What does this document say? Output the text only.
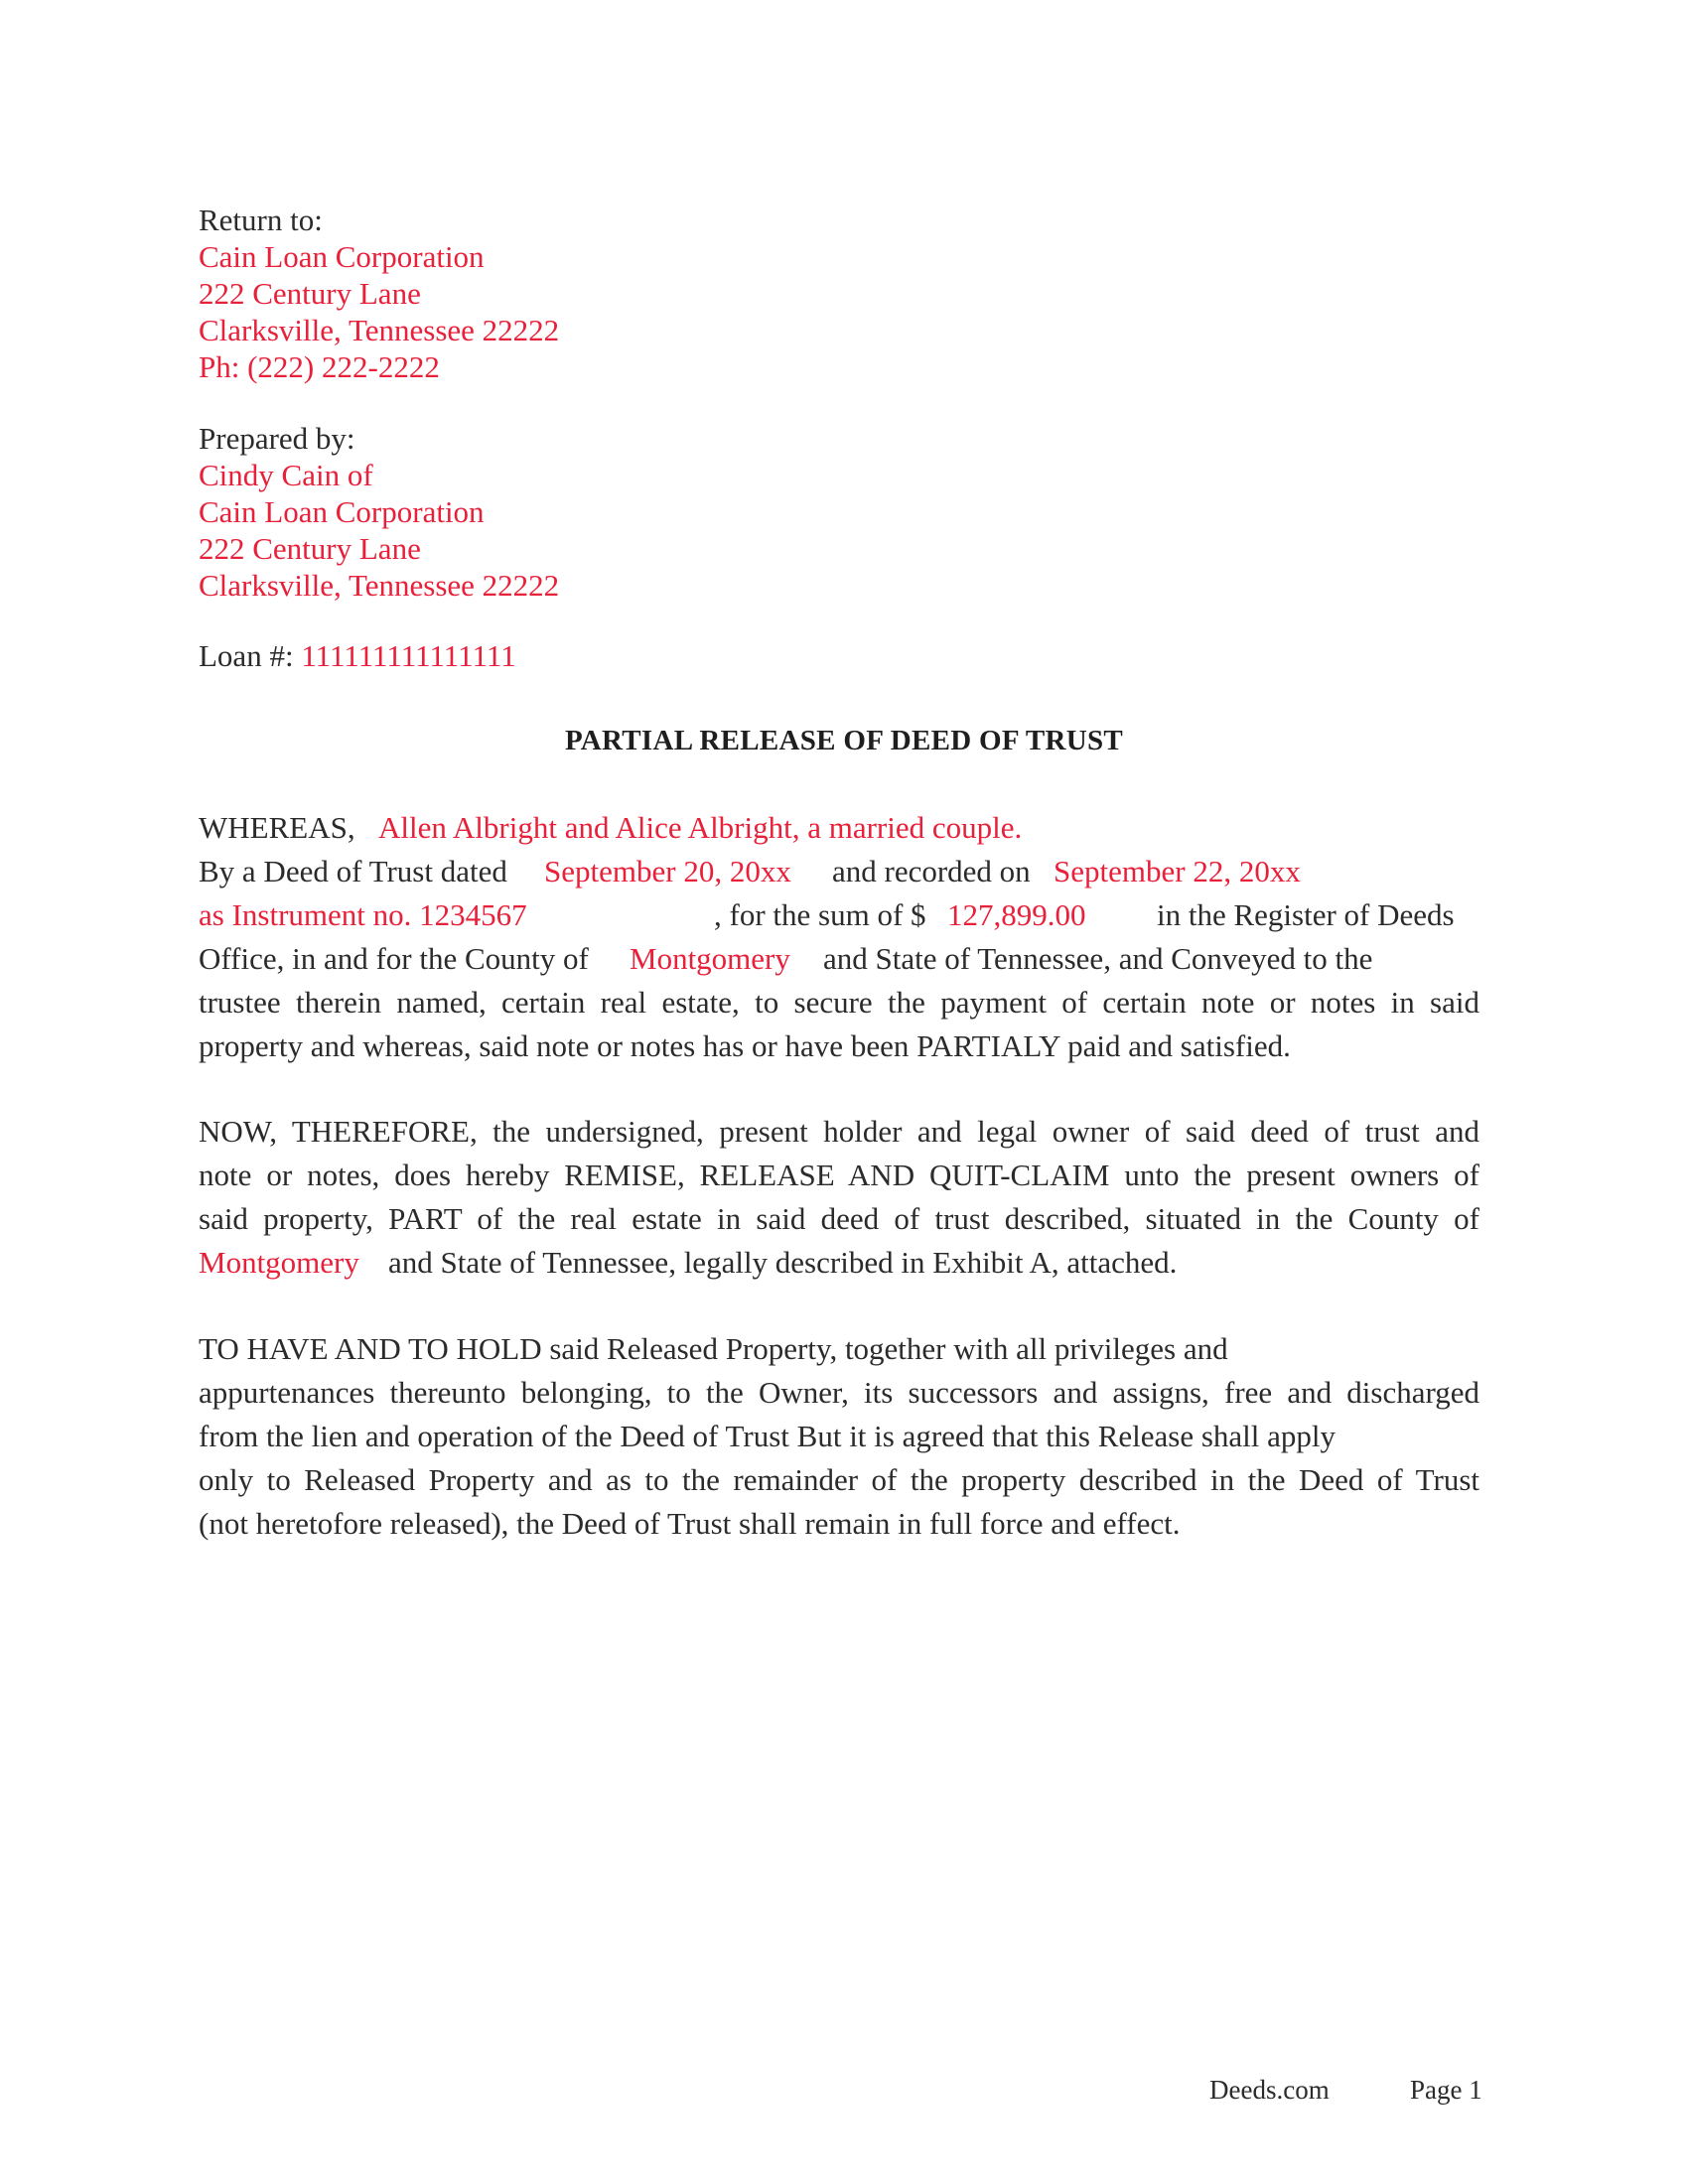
Return to:
Cain Loan Corporation
222 Century Lane
Clarksville, Tennessee 22222
Ph: (222) 222-2222
Prepared by:
Cindy Cain of
Cain Loan Corporation
222 Century Lane
Clarksville, Tennessee 22222
Loan #: 111111111111111
PARTIAL RELEASE OF DEED OF TRUST
WHEREAS, Allen Albright and Alice Albright, a married couple.
By a Deed of Trust dated September 20, 20xx and recorded on September 22, 20xx
as Instrument no. 1234567	, for the sum of $ 127,899.00 in the Register of Deeds
Office, in and for the County of Montgomery and State of Tennessee, and Conveyed to the
trustee therein named, certain real estate, to secure the payment of certain note or notes in said
property and whereas, said note or notes has or have been PARTIALY paid and satisfied.
NOW, THEREFORE, the undersigned, present holder and legal owner of said deed of trust and
note or notes, does hereby REMISE, RELEASE AND QUIT-CLAIM unto the present owners of
said property, PART of the real estate in said deed of trust described, situated in the County of
Montgomery and State of Tennessee, legally described in Exhibit A, attached.
TO HAVE AND TO HOLD said Released Property, together with all privileges and
appurtenances thereunto belonging, to the Owner, its successors and assigns, free and discharged
from the lien and operation of the Deed of Trust But it is agreed that this Release shall apply
only to Released Property and as to the remainder of the property described in the Deed of Trust
(not heretofore released), the Deed of Trust shall remain in full force and effect.
Deeds.com	Page 1
